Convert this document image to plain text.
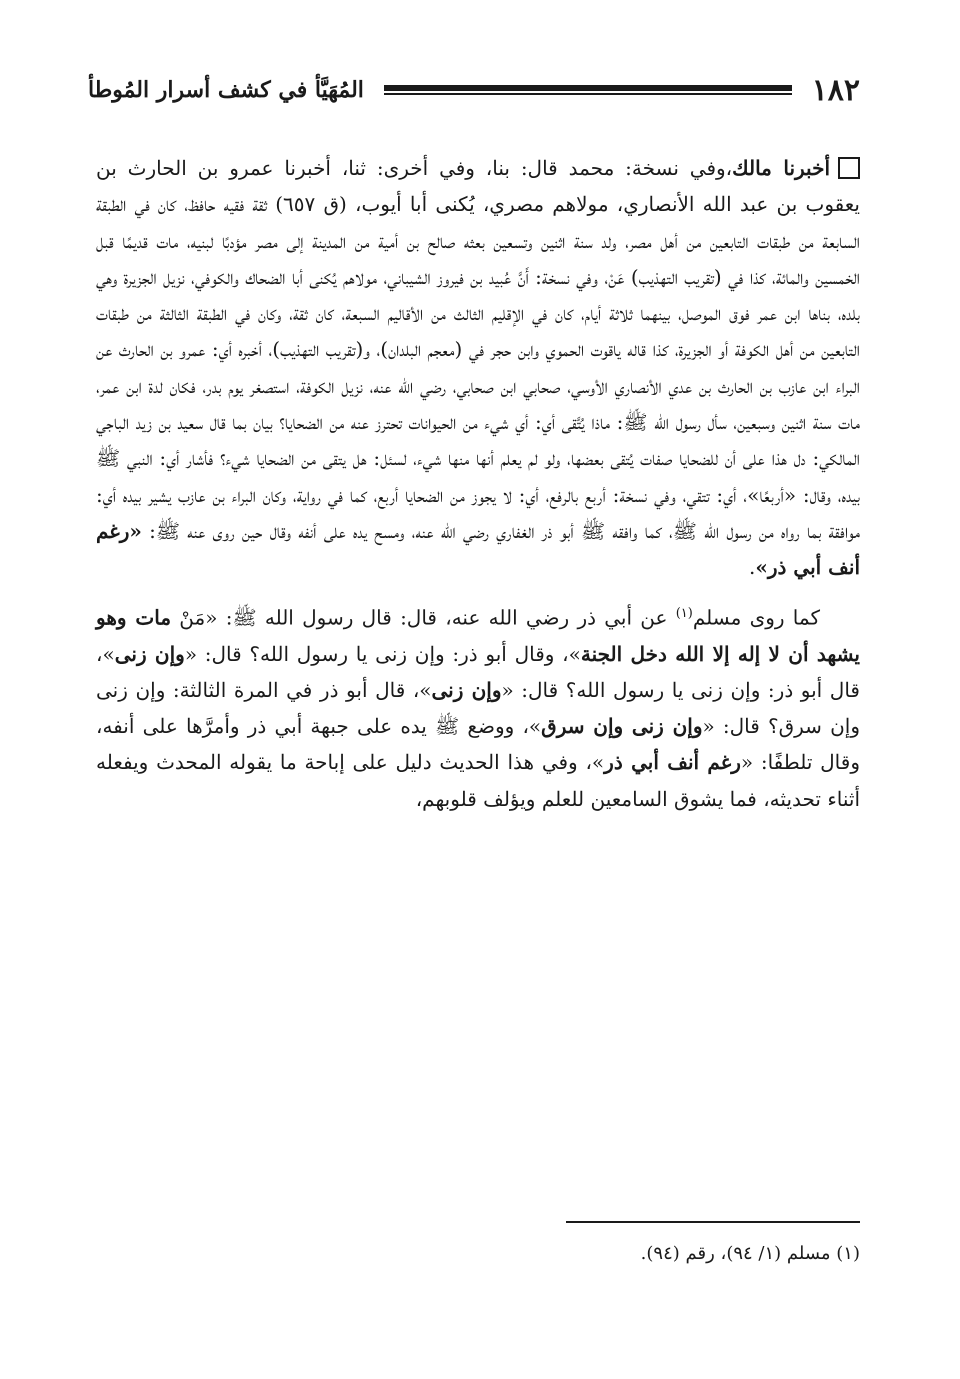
١٨٢
المُهَيَّأ في كشف أسرار المُوطأ

أخبرنا مالك،وفي نسخة: محمد قال: بنا، وفي أخرى: ثنا، أخبرنا عمرو بن الحارث بن يعقوب بن عبد الله الأنصاري، مولاهم مصري، يُكنى أبا أيوب، (ق ٦٥٧) ثقة فقيه حافظ، كان في الطبقة السابعة من طبقات التابعين من أهل مصر، ولد سنة اثنين وتسعين بعثه صالح بن أمية من المدينة إلى مصر مؤدبًا لبنيه، مات قديمًا قبل الخمسين والمائة، كذا في (تقريب التهذيب) عَنْ، وفي نسخة: أَنَّ عُبيد بن فيروز الشيباني، مولاهم يُكنى أبا الضحاك والكوفي، نزيل الجزيرة وهي بلده، بناها ابن عمر فوق الموصل، بينهما ثلاثة أيام، كان في الإقليم الثالث من الأقاليم السبعة، كان ثقة، وكان في الطبقة الثالثة من طبقات التابعين من أهل الكوفة أو الجزيرة، كذا قاله ياقوت الحموي وابن حجر في (معجم البلدان)، و(تقريب التهذيب)، أخبره أي: عمرو بن الحارث عن البراء ابن عازب بن الحارث بن عدي الأنصاري الأوسي، صحابي ابن صحابي، رضي الله عنه، نزيل الكوفة، استصغر يوم بدر، فكان لدة ابن عمر، مات سنة اثنين وسبعين، سأل رسول الله ﷺ: ماذا يُتَّقى أي: أي شيء من الحيوانات تحترز عنه من الضحايا؟ بيان بما قال سعيد بن زيد الباجي المالكي: دل هذا على أن للضحايا صفات يُتقى بعضها، ولو لم يعلم أنها منها شيء، لسئل: هل يتقى من الضحايا شيء؟ فأشار أي: النبي ﷺ بيده، وقال: «أربعًا»، أي: تتقي، وفي نسخة: أربع بالرفع، أي: لا يجوز من الضحايا أربع، كما في رواية، وكان البراء بن عازب يشير بيده أي: موافقة بما رواه من رسول الله ﷺ، كما وافقه ﷺ أبو ذر الغفاري رضي الله عنه، ومسح يده على أنفه وقال حين روى عنه ﷺ: «رغم أنف أبي ذر».

كما روى مسلم$^{(١)}$ عن أبي ذر رضي الله عنه، قال: قال رسول الله ﷺ: «مَنْ مات وهو يشهد أن لا إله إلا الله دخل الجنة»، وقال أبو ذر: وإن زنى يا رسول الله؟ قال: «وإن زنى»، قال أبو ذر: وإن زنى يا رسول الله؟ قال: «وإن زنى»، قال أبو ذر في المرة الثالثة: وإن زنى وإن سرق؟ قال: «وإن زنى وإن سرق»، ووضع ﷺ يده على جبهة أبي ذر وأمرَّها على أنفه، وقال تلطفًا: «رغم أنف أبي ذر»، وفي هذا الحديث دليل على إباحة ما يقوله المحدث ويفعله أثناء تحديثه، فما يشوق السامعين للعلم ويؤلف قلوبهم،

(١) مسلم (١/ ٩٤)، رقم (٩٤).
